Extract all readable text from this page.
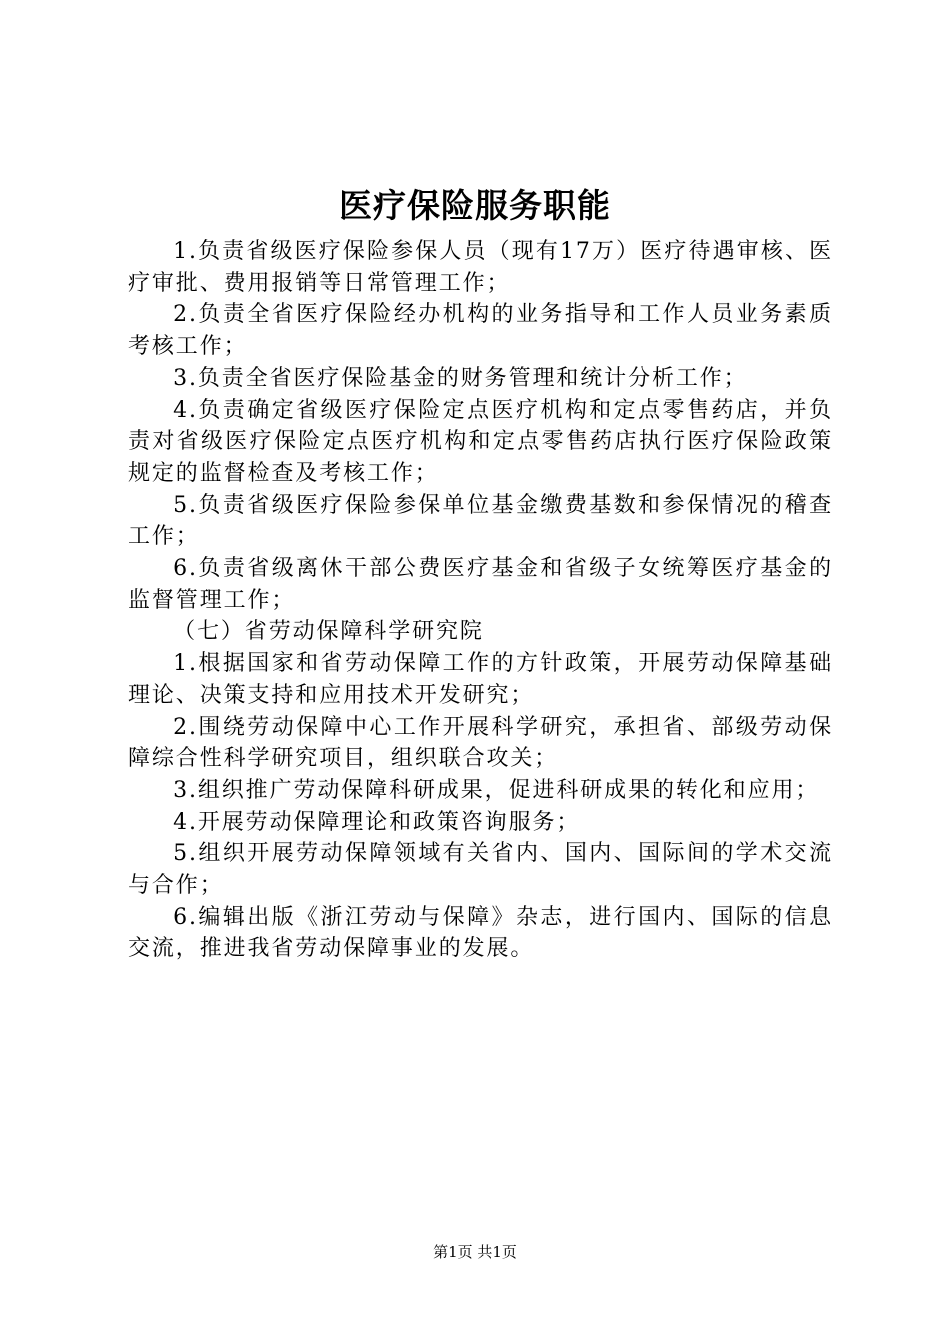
医疗保险服务职能

1.负责省级医疗保险参保人员（现有17万）医疗待遇审核、医疗审批、费用报销等日常管理工作；

2.负责全省医疗保险经办机构的业务指导和工作人员业务素质考核工作；

3.负责全省医疗保险基金的财务管理和统计分析工作；

4.负责确定省级医疗保险定点医疗机构和定点零售药店，并负责对省级医疗保险定点医疗机构和定点零售药店执行医疗保险政策规定的监督检查及考核工作；

5.负责省级医疗保险参保单位基金缴费基数和参保情况的稽查工作；

6.负责省级离休干部公费医疗基金和省级子女统筹医疗基金的监督管理工作；

（七）省劳动保障科学研究院

1.根据国家和省劳动保障工作的方针政策，开展劳动保障基础理论、决策支持和应用技术开发研究；

2.围绕劳动保障中心工作开展科学研究，承担省、部级劳动保障综合性科学研究项目，组织联合攻关；

3.组织推广劳动保障科研成果，促进科研成果的转化和应用；

4.开展劳动保障理论和政策咨询服务；

5.组织开展劳动保障领域有关省内、国内、国际间的学术交流与合作；

6.编辑出版《浙江劳动与保障》杂志，进行国内、国际的信息交流，推进我省劳动保障事业的发展。

第1页 共1页
